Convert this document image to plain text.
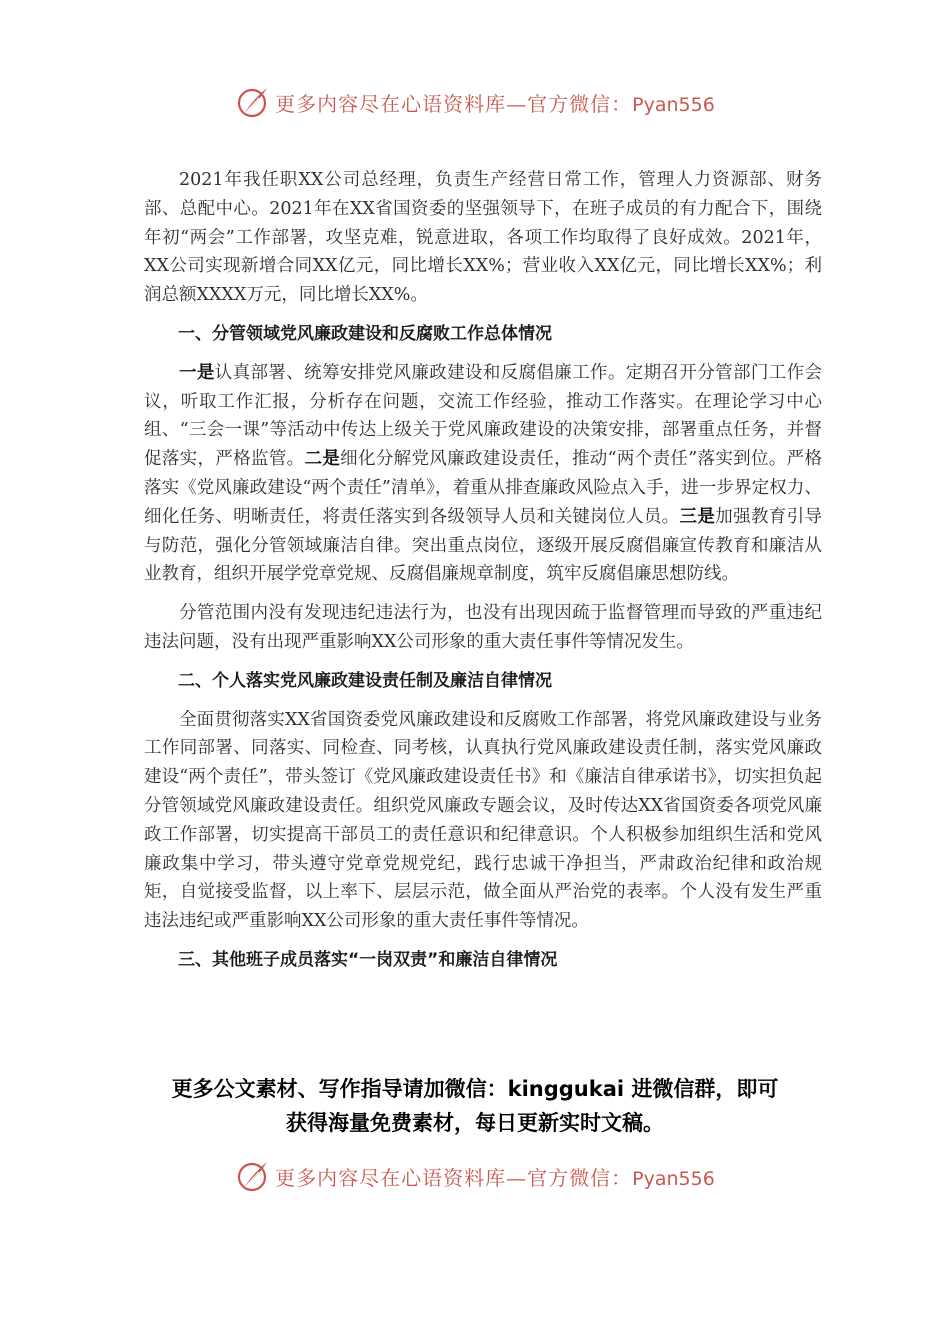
更多内容尽在心语资料库—官方微信：Pyan556

2021年我任职XX公司总经理，负责生产经营日常工作，管理人力资源部、财务部、总配中心。2021年在XX省国资委的坚强领导下，在班子成员的有力配合下，围绕年初“两会”工作部署，攻坚克难，锐意进取，各项工作均取得了良好成效。2021年，XX公司实现新增合同XX亿元，同比增长XX%；营业收入XX亿元，同比增长XX%；利润总额XXXX万元，同比增长XX%。

一、分管领域党风廉政建设和反腐败工作总体情况

一是认真部署、统筹安排党风廉政建设和反腐倡廉工作。定期召开分管部门工作会议，听取工作汇报，分析存在问题，交流工作经验，推动工作落实。在理论学习中心组、“三会一课”等活动中传达上级关于党风廉政建设的决策安排，部署重点任务，并督促落实，严格监管。二是细化分解党风廉政建设责任，推动“两个责任”落实到位。严格落实《党风廉政建设“两个责任”清单》，着重从排查廉政风险点入手，进一步界定权力、细化任务、明晰责任，将责任落实到各级领导人员和关键岗位人员。三是加强教育引导与防范，强化分管领域廉洁自律。突出重点岗位，逐级开展反腐倡廉宣传教育和廉洁从业教育，组织开展学党章党规、反腐倡廉规章制度，筑牢反腐倡廉思想防线。

分管范围内没有发现违纪违法行为，也没有出现因疏于监督管理而导致的严重违纪违法问题，没有出现严重影响XX公司形象的重大责任事件等情况发生。

二、个人落实党风廉政建设责任制及廉洁自律情况

全面贯彻落实XX省国资委党风廉政建设和反腐败工作部署，将党风廉政建设与业务工作同部署、同落实、同检查、同考核，认真执行党风廉政建设责任制，落实党风廉政建设“两个责任”，带头签订《党风廉政建设责任书》和《廉洁自律承诺书》，切实担负起分管领域党风廉政建设责任。组织党风廉政专题会议，及时传达XX省国资委各项党风廉政工作部署，切实提高干部员工的责任意识和纪律意识。个人积极参加组织生活和党风廉政集中学习，带头遵守党章党规党纪，践行忠诚干净担当，严肃政治纪律和政治规矩，自觉接受监督，以上率下、层层示范，做全面从严治党的表率。个人没有发生严重违法违纪或严重影响XX公司形象的重大责任事件等情况。

三、其他班子成员落实“一岗双责”和廉洁自律情况

更多公文素材、写作指导请加微信：kinggukai 进微信群，即可
获得海量免费素材，每日更新实时文稿。
更多内容尽在心语资料库—官方微信：Pyan556
